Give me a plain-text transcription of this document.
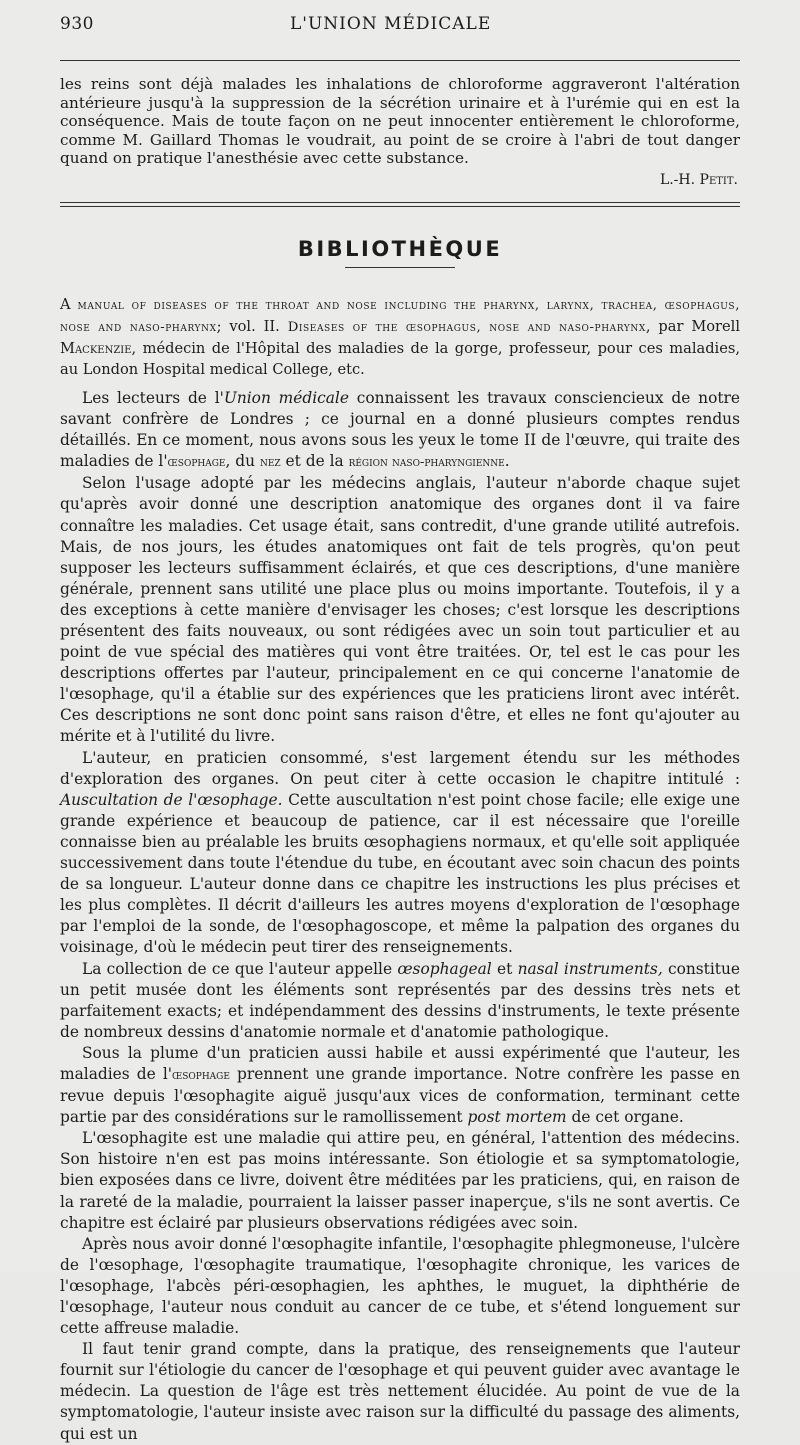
930	L'UNION MÉDICALE

les reins sont déjà malades les inhalations de chloroforme aggraveront l'altération antérieure jusqu'à la suppression de la sécrétion urinaire et à l'urémie qui en est la conséquence. Mais de toute façon on ne peut innocenter entièrement le chloroforme, comme M. Gaillard Thomas le voudrait, au point de se croire à l'abri de tout danger quand on pratique l'anesthésie avec cette substance.

L.-H. Petit.
BIBLIOTHÈQUE

A manual of diseases of the throat and nose including the pharynx, larynx, trachea, œsophagus, nose and naso-pharynx; vol. II. Diseases of the œsophagus, nose and naso-pharynx, par Morell Mackenzie, médecin de l'Hôpital des maladies de la gorge, professeur, pour ces maladies, au London Hospital medical College, etc.

Les lecteurs de l'Union médicale connaissent les travaux consciencieux de notre savant confrère de Londres ; ce journal en a donné plusieurs comptes rendus détaillés. En ce moment, nous avons sous les yeux le tome II de l'œuvre, qui traite des maladies de l'œsophage, du nez et de la région naso-pharyngienne.

Selon l'usage adopté par les médecins anglais, l'auteur n'aborde chaque sujet qu'après avoir donné une description anatomique des organes dont il va faire connaître les maladies. Cet usage était, sans contredit, d'une grande utilité autrefois. Mais, de nos jours, les études anatomiques ont fait de tels progrès, qu'on peut supposer les lecteurs suffisamment éclairés, et que ces descriptions, d'une manière générale, prennent sans utilité une place plus ou moins importante. Toutefois, il y a des exceptions à cette manière d'envisager les choses; c'est lorsque les descriptions présentent des faits nouveaux, ou sont rédigées avec un soin tout particulier et au point de vue spécial des matières qui vont être traitées. Or, tel est le cas pour les descriptions offertes par l'auteur, principalement en ce qui concerne l'anatomie de l'œsophage, qu'il a établie sur des expériences que les praticiens liront avec intérêt. Ces descriptions ne sont donc point sans raison d'être, et elles ne font qu'ajouter au mérite et à l'utilité du livre.

L'auteur, en praticien consommé, s'est largement étendu sur les méthodes d'exploration des organes. On peut citer à cette occasion le chapitre intitulé : Auscultation de l'œsophage. Cette auscultation n'est point chose facile; elle exige une grande expérience et beaucoup de patience, car il est nécessaire que l'oreille connaisse bien au préalable les bruits œsophagiens normaux, et qu'elle soit appliquée successivement dans toute l'étendue du tube, en écoutant avec soin chacun des points de sa longueur. L'auteur donne dans ce chapitre les instructions les plus précises et les plus complètes. Il décrit d'ailleurs les autres moyens d'exploration de l'œsophage par l'emploi de la sonde, de l'œsophagoscope, et même la palpation des organes du voisinage, d'où le médecin peut tirer des renseignements.

La collection de ce que l'auteur appelle œsophageal et nasal instruments, constitue un petit musée dont les éléments sont représentés par des dessins très nets et parfaitement exacts; et indépendamment des dessins d'instruments, le texte présente de nombreux dessins d'anatomie normale et d'anatomie pathologique.

Sous la plume d'un praticien aussi habile et aussi expérimenté que l'auteur, les maladies de l'œsophage prennent une grande importance. Notre confrère les passe en revue depuis l'œsophagite aiguë jusqu'aux vices de conformation, terminant cette partie par des considérations sur le ramollissement post mortem de cet organe.

L'œsophagite est une maladie qui attire peu, en général, l'attention des médecins. Son histoire n'en est pas moins intéressante. Son étiologie et sa symptomatologie, bien exposées dans ce livre, doivent être méditées par les praticiens, qui, en raison de la rareté de la maladie, pourraient la laisser passer inaperçue, s'ils ne sont avertis. Ce chapitre est éclairé par plusieurs observations rédigées avec soin.

Après nous avoir donné l'œsophagite infantile, l'œsophagite phlegmoneuse, l'ulcère de l'œsophage, l'œsophagite traumatique, l'œsophagite chronique, les varices de l'œsophage, l'abcès péri-œsophagien, les aphthes, le muguet, la diphthérie de l'œsophage, l'auteur nous conduit au cancer de ce tube, et s'étend longuement sur cette affreuse maladie.

Il faut tenir grand compte, dans la pratique, des renseignements que l'auteur fournit sur l'étiologie du cancer de l'œsophage et qui peuvent guider avec avantage le médecin. La question de l'âge est très nettement élucidée. Au point de vue de la symptomatologie, l'auteur insiste avec raison sur la difficulté du passage des aliments, qui est un
